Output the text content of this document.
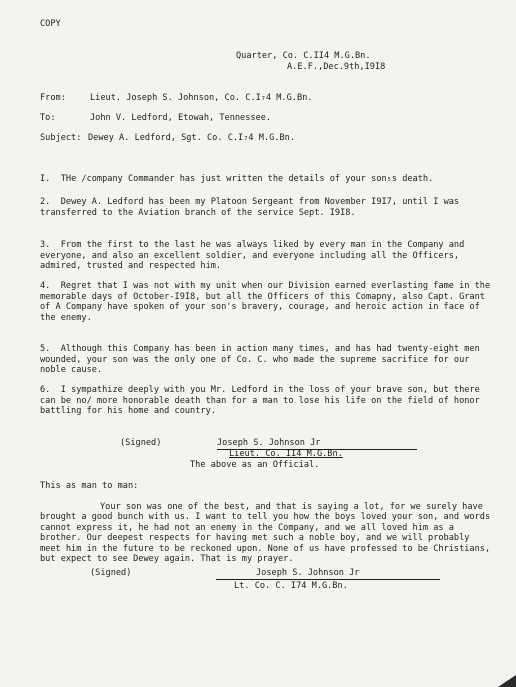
COPY
Quarter, Co. C.II4 M.G.Bn.
A.E.F.,Dec.9th,I9I8
From:	Lieut. Joseph S. Johnson, Co. C.I₇4 M.G.Bn.
To:	John V. Ledford, Etowah, Tennessee.
Subject: Dewey A. Ledford, Sgt. Co. C.I₇4 M.G.Bn.
I. THe ∕company Commander has just written the details of your son₅s death.
2. Dewey A. Ledford has been my Platoon Sergeant from November I9I7, until I was transferred to the Aviation branch of the service Sept. I9I8.
3. From the first to the last he was always liked by every man in the Company and everyone, and also an excellent soldier, and everyone including all the Officers, admired, trusted and respected him.
4. Regret that I was not with my unit when our Division earned everlasting fame in the memorable days of October-I9I8, but all the Officers of this Comapny, also Capt. Grant of A Company have spoken of your son's bravery, courage, and heroic action in face of the enemy.
5. Although this Company has been in action many times, and has had twenty-eight men wounded, your son was the only one of Co. C. who made the supreme sacrifice for our noble cause.
6. I sympathize deeply with you Mr. Ledford in the loss of your brave son, but there can be no∕ more honorable death than for a man to lose his life on the field of honor battling for his home and country.
(Signed)	Joseph S. Johnson Jr
Lieut. Co. II4 M.G.Bn.
The above as an Official.
This as man to man:
Your son was one of the best, and that is saying a lot, for we surely have brought a good bunch with us. I want to tell you how the boys loved your son, and words cannot express it, he had not an enemy in the Company, and we all loved him as a brother. Our deepest respects for having met such a noble boy, and we will probably meet him in the future to be reckoned upon. None of us have professed to be Christians, but expect to see Dewey again. That is my prayer.
(Signed)	Joseph S. Johnson Jr
Lt. Co. C. I74 M.G.Bn.
